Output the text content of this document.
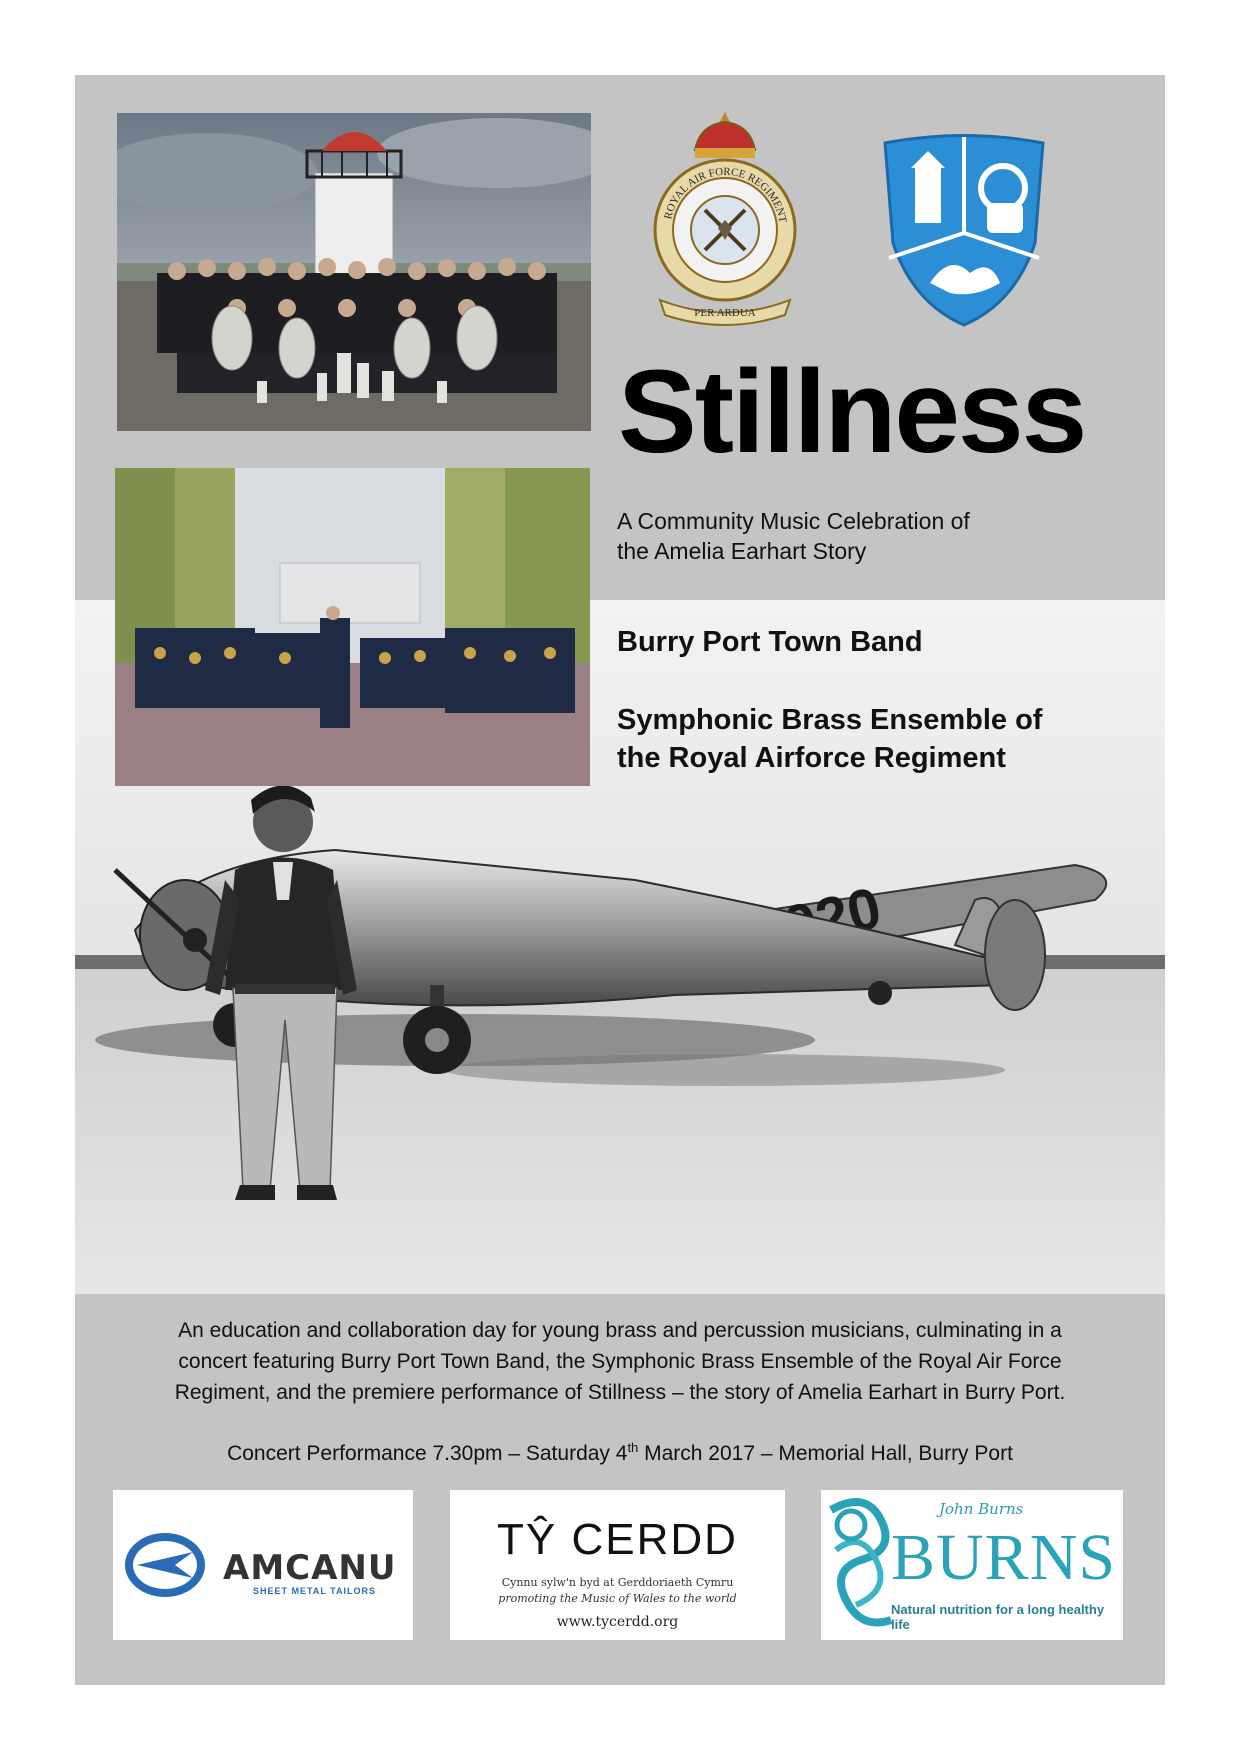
ROYAL AIR FORCE REGIMENT
PER ARDUA
Stillness

A Community Music Celebration of
the Amelia Earhart Story

Burry Port Town Band

Symphonic Brass Ensemble of
the Royal Airforce Regiment

An education and collaboration day for young brass and percussion musicians, culminating in a
concert featuring Burry Port Town Band, the Symphonic Brass Ensemble of the Royal Air Force
Regiment, and the premiere performance of Stillness – the story of Amelia Earhart in Burry Port.

Concert Performance 7.30pm – Saturday 4th March 2017 – Memorial Hall, Burry Port

AMCANU
SHEET METAL TAILORS
TŶ CERDD
Cynnu sylw'n byd at Gerddoriaeth Cymru
promoting the Music of Wales to the world
www.tycerdd.org
John Burns
BURNS
Natural nutrition for a long healthy life
